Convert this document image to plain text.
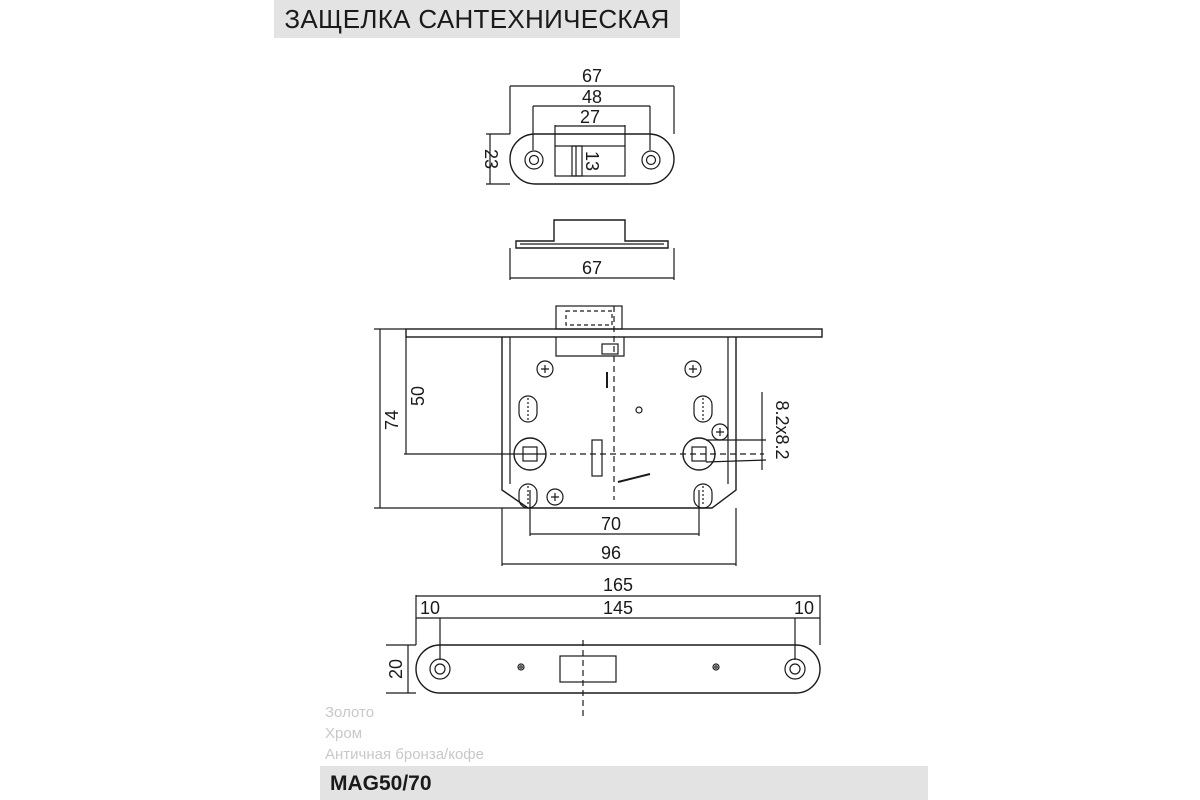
ЗАЩЕЛКА САНТЕХНИЧЕСКАЯ
67
48
27
13
23
67
74
50
8.2x8.2
70
96
165
145
10	10
20
Золото
Хром
Античная бронза/кофе
MAG50/70
